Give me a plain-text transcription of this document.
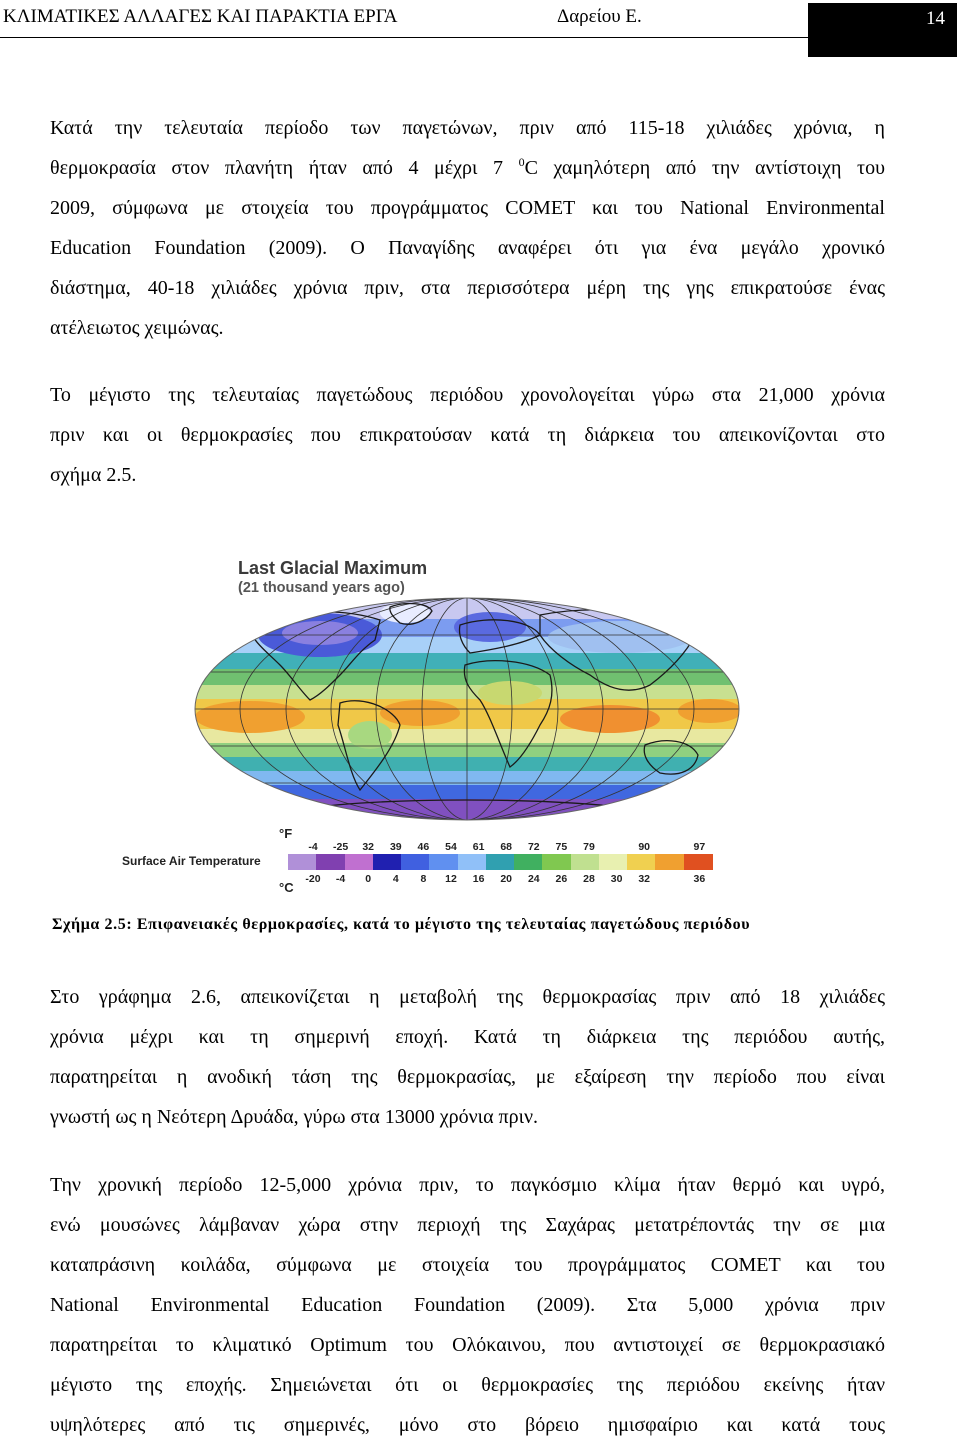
ΚΛΙΜΑΤΙΚΕΣ ΑΛΛΑΓΕΣ ΚΑΙ ΠΑΡΑΚΤΙΑ ΕΡΓΑ	Δαρείου Ε.	14
Κατά την τελευταία περίοδο των παγετώνων, πριν από 115-18 χιλιάδες χρόνια, η
θερμοκρασία στον πλανήτη ήταν από 4 μέχρι 7 $^0$C χαμηλότερη από την αντίστοιχη του
2009, σύμφωνα με στοιχεία του προγράμματος COMET και του National Environmental
Education Foundation (2009). Ο Παναγίδης αναφέρει ότι για ένα μεγάλο χρονικό
διάστημα, 40-18 χιλιάδες χρόνια πριν, στα περισσότερα μέρη της γης επικρατούσε ένας
ατέλειωτος χειμώνας.
Το μέγιστο της τελευταίας παγετώδους περιόδου χρονολογείται γύρω στα 21,000 χρόνια
πριν και οι θερμοκρασίες που επικρατούσαν κατά τη διάρκεια του απεικονίζονται στο
σχήμα 2.5.
Last Glacial Maximum
(21 thousand years ago)
Surface Air Temperature
°F
°C
-4 -25 32 39 46 54 61 68 72 75 79	90	97
-20 -4 0 4 8 12 16 20 24 26 28 30 32	36
Σχήμα 2.5: Επιφανειακές θερμοκρασίες, κατά το μέγιστο της τελευταίας παγετώδους περιόδου
Στο γράφημα 2.6, απεικονίζεται η μεταβολή της θερμοκρασίας πριν από 18 χιλιάδες
χρόνια μέχρι και τη σημερινή εποχή. Κατά τη διάρκεια της περιόδου αυτής,
παρατηρείται η ανοδική τάση της θερμοκρασίας, με εξαίρεση την περίοδο που είναι
γνωστή ως η Νεότερη Δρυάδα, γύρω στα 13000 χρόνια πριν.
Την χρονική περίοδο 12-5,000 χρόνια πριν, το παγκόσμιο κλίμα ήταν θερμό και υγρό,
ενώ μουσώνες λάμβαναν χώρα στην περιοχή της Σαχάρας μετατρέποντάς την σε μια
καταπράσινη κοιλάδα, σύμφωνα με στοιχεία του προγράμματος COMET και του
National Environmental Education Foundation (2009). Στα 5,000 χρόνια πριν
παρατηρείται το κλιματικό Optimum του Ολόκαινου, που αντιστοιχεί σε θερμοκρασιακό
μέγιστο της εποχής. Σημειώνεται ότι οι θερμοκρασίες της περιόδου εκείνης ήταν
υψηλότερες από τις σημερινές, μόνο στο βόρειο ημισφαίριο και κατά τους
